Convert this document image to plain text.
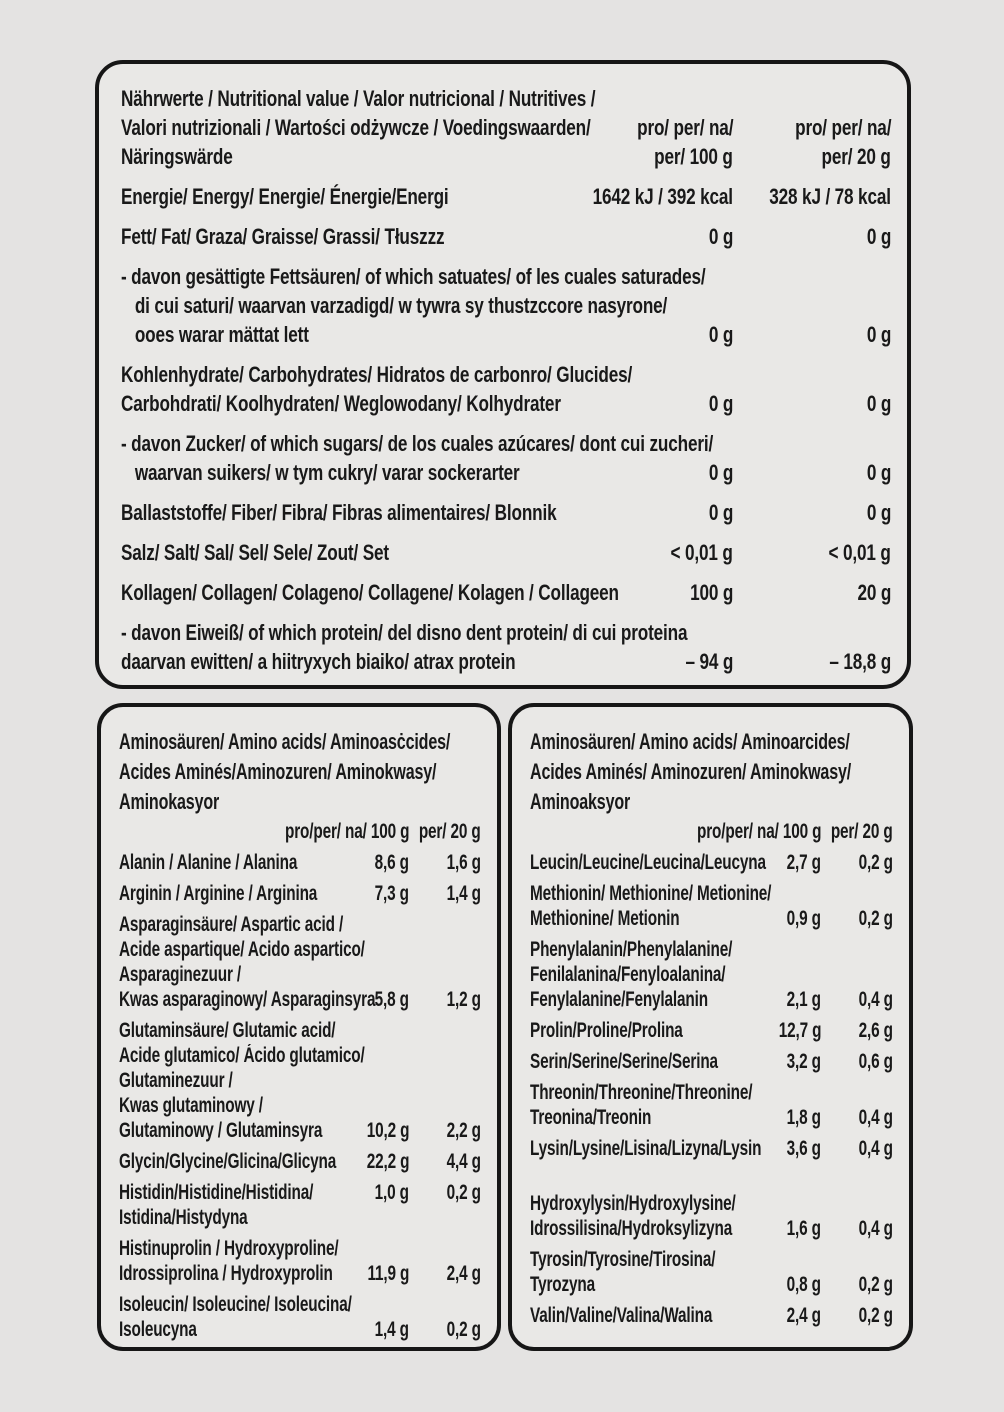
Nährwerte / Nutritional value / Valor nutricional / Nutritives /
Valori nutrizionali / Wartości odżywcze / Voedingswaarden/	pro/ per/ na/	pro/ per/ na/
Näringswärde	per/ 100 g	per/ 20 g
Energie/ Energy/ Energie/ Énergie/Energi	1642 kJ / 392 kcal 328 kJ / 78 kcal
Fett/ Fat/ Graza/ Graisse/ Grassi/ Tłuszzz	0 g	0 g
- davon gesättigte Fettsäuren/ of which satuates/ of les cuales saturades/
di cui saturi/ waarvan varzadigd/ w tywra sy thustzccore nasyrone/
ooes warar mättat lett	0 g	0 g
Kohlenhydrate/ Carbohydrates/ Hidratos de carbonro/ Glucides/
Carbohdrati/ Koolhydraten/ Weglowodany/ Kolhydrater	0 g	0 g
- davon Zucker/ of which sugars/ de los cuales azúcares/ dont cui zucheri/
waarvan suikers/ w tym cukry/ varar sockerarter	0 g	0 g
Ballaststoffe/ Fiber/ Fibra/ Fibras alimentaires/ Blonnik	0 g	0 g
Salz/ Salt/ Sal/ Sel/ Sele/ Zout/ Set	< 0,01 g	< 0,01 g
Kollagen/ Collagen/ Colageno/ Collagene/ Kolagen / Collageen	100 g	20 g
- davon Eiweiß/ of which protein/ del disno dent protein/ di cui proteina
daarvan ewitten/ a hiitryxych biaiko/ atrax protein	– 94 g	– 18,8 g
Aminosäuren/ Amino acids/ Aminoasċcides/
Acides Aminés/Aminozuren/ Aminokwasy/
Aminokasyor
pro/per/ na/ 100 g per/ 20 g
Alanin / Alanine / Alanina	8,6 g 1,6 g
Arginin / Arginine / Arginina	7,3 g 1,4 g
Asparaginsäure/ Aspartic acid /
Acide aspartique/ Acido aspartico/
Asparaginezuur /
Kwas asparaginowy/ Asparaginsyra 5,8 g 1,2 g
Glutaminsäure/ Glutamic acid/
Acide glutamico/ Ácido glutamico/
Glutaminezuur /
Kwas glutaminowy /
Glutaminowy / Glutaminsyra	10,2 g 2,2 g
Glycin/Glycine/Glicina/Glicyna	22,2 g 4,4 g
Histidin/Histidine/Histidina/
Istidina/Histydyna
1,0 g 0,2 g
Histinuprolin / Hydroxyproline/
Idrossiprolina / Hydroxyprolin	11,9 g 2,4 g
Isoleucin/ Isoleucine/ Isoleucina/
Isoleucyna	1,4 g 0,2 g
Aminosäuren/ Amino acids/ Aminoarcides/
Acides Aminés/ Aminozuren/ Aminokwasy/
Aminoaksyor
pro/per/ na/ 100 g per/ 20 g
Leucin/Leucine/Leucina/Leucyna 2,7 g 0,2 g
Methionin/ Methionine/ Metionine/
Methionine/ Metionin	0,9 g 0,2 g
Phenylalanin/Phenylalanine/
Fenilalanina/Fenyloalanina/
Fenylalanine/Fenylalanin	2,1 g 0,4 g
Prolin/Proline/Prolina	12,7 g 2,6 g
Serin/Serine/Serine/Serina	3,2 g 0,6 g
Threonin/Threonine/Threonine/
Treonina/Treonin	1,8 g 0,4 g
Lysin/Lysine/Lisina/Lizyna/Lysin	3,6 g 0,4 g
Hydroxylysin/Hydroxylysine/
Idrossilisina/Hydroksylizyna	1,6 g 0,4 g
Tyrosin/Tyrosine/Tirosina/
Tyrozyna	0,8 g 0,2 g
Valin/Valine/Valina/Walina	2,4 g 0,2 g
